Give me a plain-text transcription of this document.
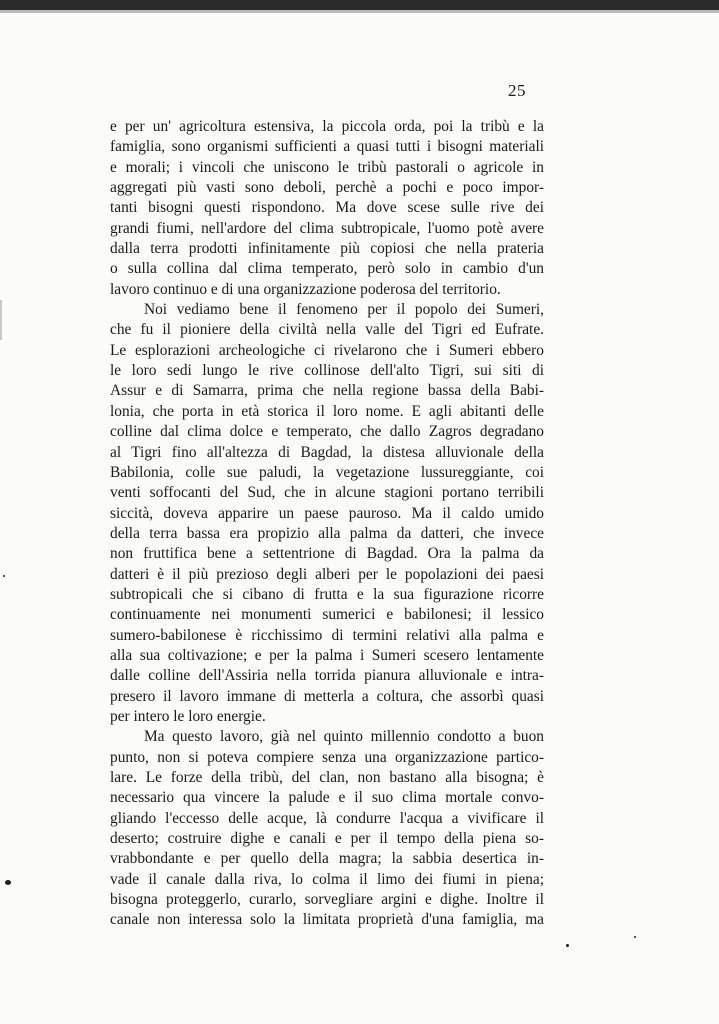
25
e per un' agricoltura estensiva, la piccola orda, poi la tribù e la
famiglia, sono organismi sufficienti a quasi tutti i bisogni materiali
e morali; i vincoli che uniscono le tribù pastorali o agricole in
aggregati più vasti sono deboli, perchè a pochi e poco impor-
tanti bisogni questi rispondono. Ma dove scese sulle rive dei
grandi fiumi, nell'ardore del clima subtropicale, l'uomo potè avere
dalla terra prodotti infinitamente più copiosi che nella prateria
o sulla collina dal clima temperato, però solo in cambio d'un
lavoro continuo e di una organizzazione poderosa del territorio.
Noi vediamo bene il fenomeno per il popolo dei Sumeri,
che fu il pioniere della civiltà nella valle del Tigri ed Eufrate.
Le esplorazioni archeologiche ci rivelarono che i Sumeri ebbero
le loro sedi lungo le rive collinose dell'alto Tigri, sui siti di
Assur e di Samarra, prima che nella regione bassa della Babi-
lonia, che porta in età storica il loro nome. E agli abitanti delle
colline dal clima dolce e temperato, che dallo Zagros degradano
al Tigri fino all'altezza di Bagdad, la distesa alluvionale della
Babilonia, colle sue paludi, la vegetazione lussureggiante, coi
venti soffocanti del Sud, che in alcune stagioni portano terribili
siccità, doveva apparire un paese pauroso. Ma il caldo umido
della terra bassa era propizio alla palma da datteri, che invece
non fruttifica bene a settentrione di Bagdad. Ora la palma da
datteri è il più prezioso degli alberi per le popolazioni dei paesi
subtropicali che si cibano di frutta e la sua figurazione ricorre
continuamente nei monumenti sumerici e babilonesi; il lessico
sumero-babilonese è ricchissimo di termini relativi alla palma e
alla sua coltivazione; e per la palma i Sumeri scesero lentamente
dalle colline dell'Assiria nella torrida pianura alluvionale e intra-
presero il lavoro immane di metterla a coltura, che assorbì quasi
per intero le loro energie.
Ma questo lavoro, già nel quinto millennio condotto a buon
punto, non si poteva compiere senza una organizzazione partico-
lare. Le forze della tribù, del clan, non bastano alla bisogna; è
necessario qua vincere la palude e il suo clima mortale convo-
gliando l'eccesso delle acque, là condurre l'acqua a vivificare il
deserto; costruire dighe e canali e per il tempo della piena so-
vrabbondante e per quello della magra; la sabbia desertica in-
vade il canale dalla riva, lo colma il limo dei fiumi in piena;
bisogna proteggerlo, curarlo, sorvegliare argini e dighe. Inoltre il
canale non interessa solo la limitata proprietà d'una famiglia, ma
